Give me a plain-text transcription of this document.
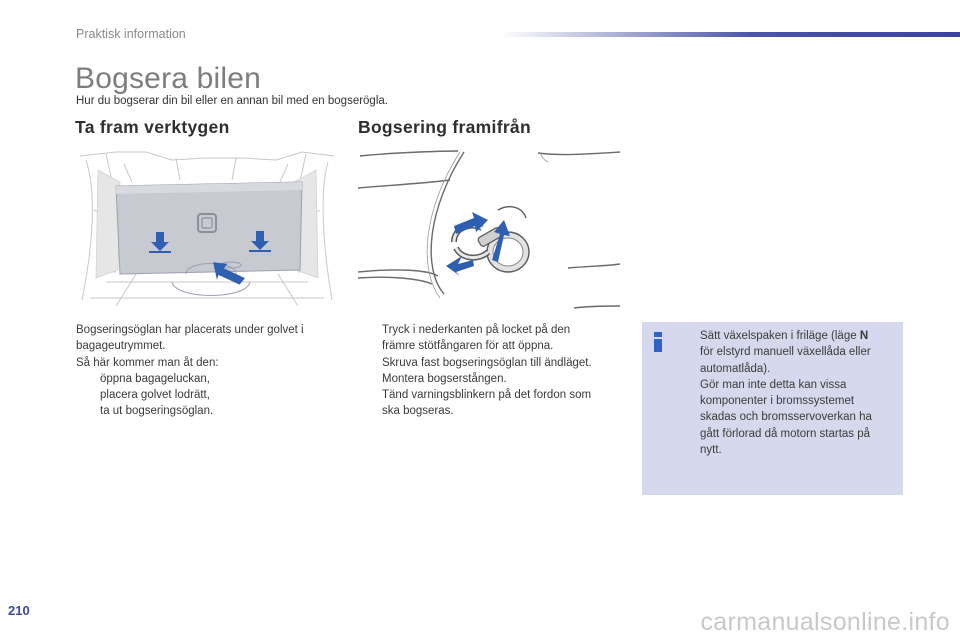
Praktisk information
Bogsera bilen
Hur du bogserar din bil eller en annan bil med en bogserögla.
Ta fram verktygen	Bogsering framifrån

Bogseringsöglan har placerats under golvet i

bagageutrymmet.

Så här kommer man åt den:

öppna bagageluckan,
placera golvet lodrätt,
ta ut bogseringsöglan.
Tryck i nederkanten på locket på den
främre stötfångaren för att öppna.
Skruva fast bogseringsöglan till ändläget.
Montera bogserstången.
Tänd varningsblinkern på det fordon som
ska bogseras.
Sätt växelspaken i friläge (läge N
för elstyrd manuell växellåda eller
automatlåda).
Gör man inte detta kan vissa
komponenter i bromssystemet
skadas och bromsservoverkan ha
gått förlorad då motorn startas på
nytt.
210	carmanualsonline.info
